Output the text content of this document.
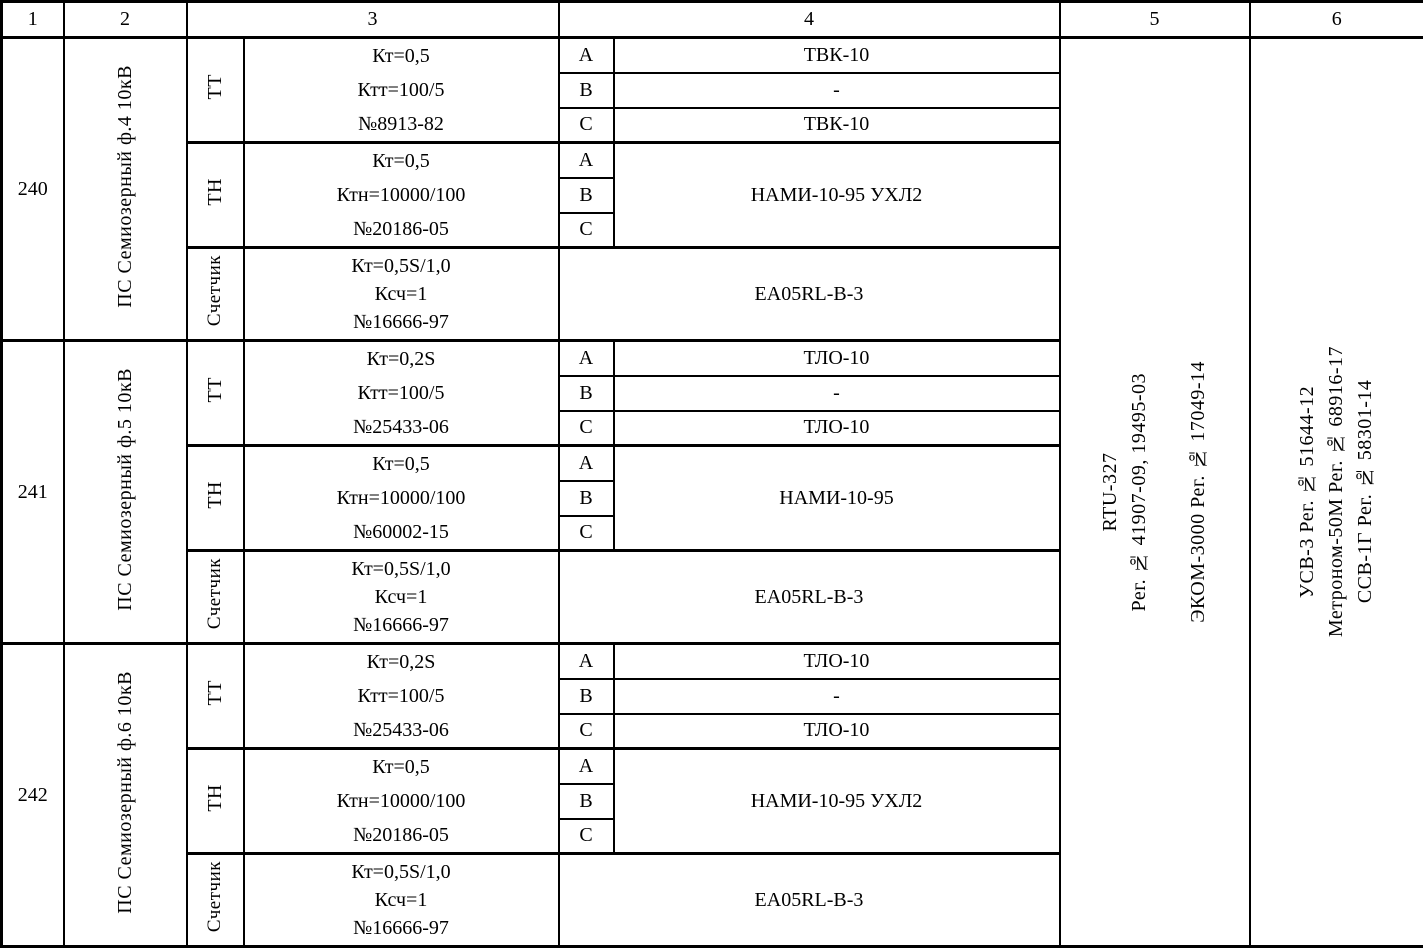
1	2	3		4		5	6
240	ПС Семиозерный ф.4 10кВ	ТТ	
Кт=0,5
Ктт=100/5
№8913-82
	А	ТВК-10	
RTU-327 Рег. № 41907-09, 19495-03 ЭКОМ-3000 Рег. № 17049-14	УСВ-3 Рег. № 51644-12 Метроном-50М Рег. № 68916-17 ССВ-1Г Рег. № 58301-14

				В	-		
				С	ТВК-10		
		ТН	Кт=0,5
Ктн=10000/100
№20186-05	А	НАМИ-10-95 УХЛ2		
				В			
				С			
		Счетчик	Кт=0,5S/1,0
Ксч=1
№16666-97	ЕА05RL-В-3			
241	ПС Семиозерный ф.5 10кВ	ТТ	Кт=0,2S
Ктт=100/5
№25433-06	А	ТЛО-10		
				В	-		
				С	ТЛО-10		
		ТН	Кт=0,5
Ктн=10000/100
№60002-15	А	НАМИ-10-95		
				В			
				С			
		Счетчик	Кт=0,5S/1,0
Ксч=1
№16666-97	ЕА05RL-В-3			
242	ПС Семиозерный ф.6 10кВ	ТТ	Кт=0,2S
Ктт=100/5
№25433-06	А	ТЛО-10		
				В	-		
				С	ТЛО-10		
		ТН	Кт=0,5
Ктн=10000/100
№20186-05	А	НАМИ-10-95 УХЛ2		
				В			
				С			
		Счетчик	Кт=0,5S/1,0
Ксч=1
№16666-97	ЕА05RL-В-3			
